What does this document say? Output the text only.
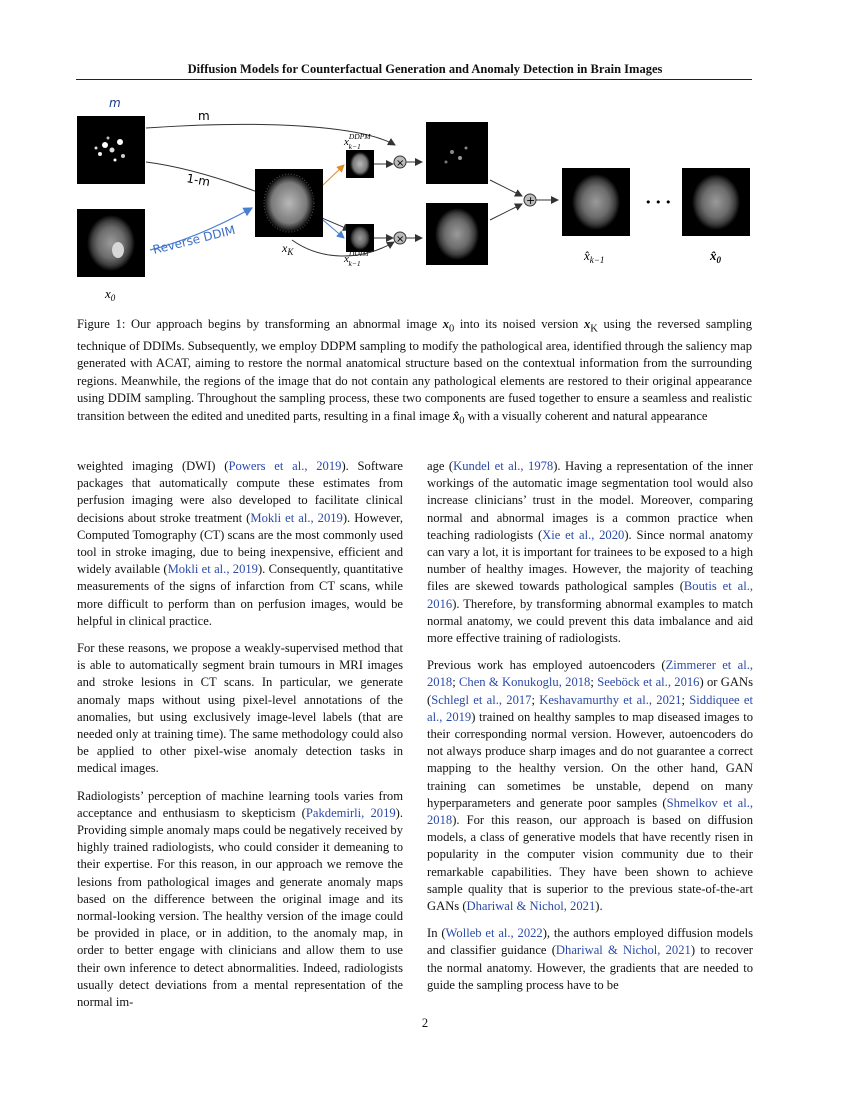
Diffusion Models for Counterfactual Generation and Anomaly Detection in Brain Images
m
$x_0$
m
1-m
Reverse DDIM	$x_K$
$x^{DDPM}$ k−1
$x^{DDIM}$ k−1
×
×
+
$x̂_{k-1}$
• • •
$x̂_0$
Figure 1: Our approach begins by transforming an abnormal image $x_0$ into its noised version $x_K$ using the reversed sampling technique of DDIMs. Subsequently, we employ DDPM sampling to modify the pathological area, identified through the saliency map generated with ACAT, aiming to restore the normal anatomical structure based on the contextual information from the surrounding regions. Meanwhile, the regions of the image that do not contain any pathological elements are restored to their original appearance using DDIM sampling. Throughout the sampling process, these two components are fused together to ensure a seamless and realistic transition between the edited and unedited parts, resulting in a final image $x̂_0$ with a visually coherent and natural appearance

weighted imaging (DWI) (Powers et al., 2019). Software packages that automatically compute these estimates from perfusion imaging were also developed to facilitate clinical decisions about stroke treatment (Mokli et al., 2019). However, Computed Tomography (CT) scans are the most commonly used tool in stroke imaging, due to being inexpensive, efficient and widely available (Mokli et al., 2019). Consequently, quantitative measurements of the signs of infarction from CT scans, while more difficult to perform than on perfusion images, would be helpful in clinical practice.

For these reasons, we propose a weakly-supervised method that is able to automatically segment brain tumours in MRI images and stroke lesions in CT scans. In particular, we generate anomaly maps without using pixel-level annotations of the anomalies, but using exclusively image-level labels (that are needed only at training time). The same methodology could also be applied to other pixel-wise anomaly detection tasks in medical images.

Radiologists’ perception of machine learning tools varies from acceptance and enthusiasm to skepticism (Pakdemirli, 2019). Providing simple anomaly maps could be negatively received by highly trained radiologists, who could consider it demeaning to their expertise. For this reason, in our approach we remove the lesions from pathological images and generate anomaly maps based on the difference between the original image and its normal-looking version. The healthy version of the image could be provided in place, or in addition, to the anomaly map, in order to better engage with clinicians and allow them to use their own inference to detect abnormalities. Indeed, radiologists usually detect deviations from a mental representation of the normal im-

age (Kundel et al., 1978). Having a representation of the inner workings of the automatic image segmentation tool would also increase clinicians’ trust in the model. Moreover, comparing normal and abnormal images is a common practice when teaching radiologists (Xie et al., 2020). Since normal anatomy can vary a lot, it is important for trainees to be exposed to a high number of healthy images. However, the majority of teaching files are skewed towards pathological samples (Boutis et al., 2016). Therefore, by transforming abnormal examples to match normal anatomy, we could prevent this data imbalance and aid more effective training of radiologists.

Previous work has employed autoencoders (Zimmerer et al., 2018; Chen & Konukoglu, 2018; Seeböck et al., 2016) or GANs (Schlegl et al., 2017; Keshavamurthy et al., 2021; Siddiquee et al., 2019) trained on healthy samples to map diseased images to their corresponding normal version. However, autoencoders do not always produce sharp images and do not guarantee a correct mapping to the healthy version. On the other hand, GAN training can sometimes be unstable, depend on many hyperparameters and generate poor samples (Shmelkov et al., 2018). For this reason, our approach is based on diffusion models, a class of generative models that have recently risen in popularity in the computer vision community due to their remarkable capabilities. They have been shown to achieve sample quality that is superior to the previous state-of-the-art GANs (Dhariwal & Nichol, 2021).

In (Wolleb et al., 2022), the authors employed diffusion models and classifier guidance (Dhariwal & Nichol, 2021) to recover the normal anatomy. However, the gradients that are needed to guide the sampling process have to be

2
